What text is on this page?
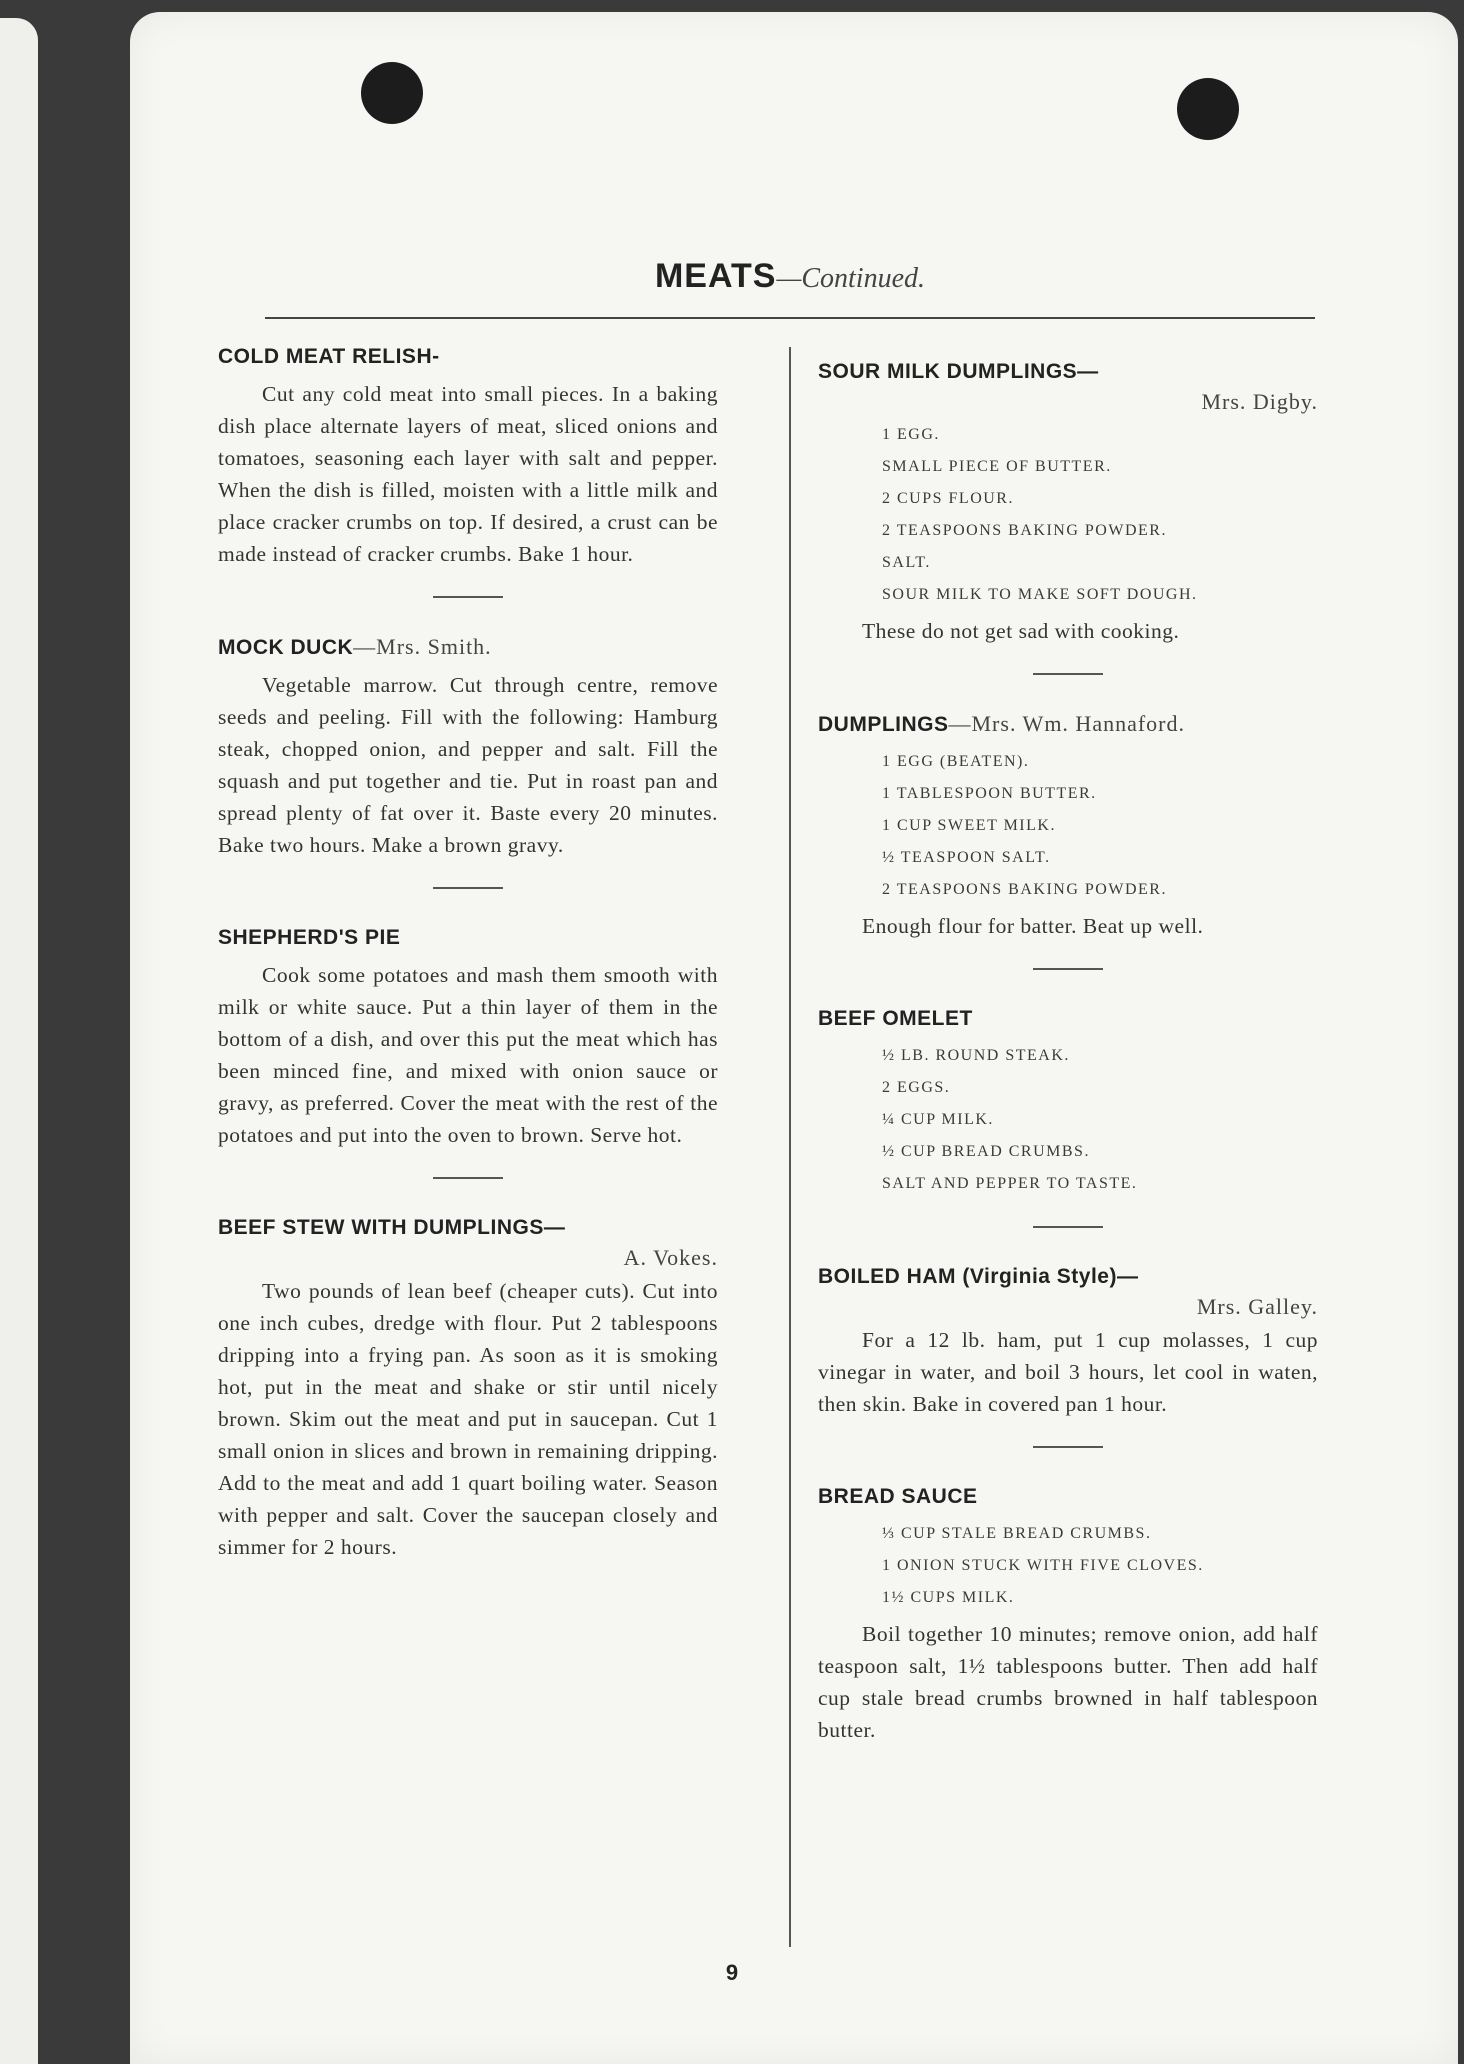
MEATS—Continued.
COLD MEAT RELISH-

Cut any cold meat into small pieces. In a baking dish place alternate layers of meat, sliced onions and tomatoes, seasoning each layer with salt and pepper. When the dish is filled, moisten with a little milk and place cracker crumbs on top. If desired, a crust can be made instead of cracker crumbs. Bake 1 hour.

MOCK DUCK—Mrs. Smith.

Vegetable marrow. Cut through centre, remove seeds and peeling. Fill with the following: Hamburg steak, chopped onion, and pepper and salt. Fill the squash and put together and tie. Put in roast pan and spread plenty of fat over it. Baste every 20 minutes. Bake two hours. Make a brown gravy.

SHEPHERD'S PIE

Cook some potatoes and mash them smooth with milk or white sauce. Put a thin layer of them in the bottom of a dish, and over this put the meat which has been minced fine, and mixed with onion sauce or gravy, as preferred. Cover the meat with the rest of the potatoes and put into the oven to brown. Serve hot.

BEEF STEW WITH DUMPLINGS—
A. Vokes.

Two pounds of lean beef (cheaper cuts). Cut into one inch cubes, dredge with flour. Put 2 tablespoons dripping into a frying pan. As soon as it is smoking hot, put in the meat and shake or stir until nicely brown. Skim out the meat and put in saucepan. Cut 1 small onion in slices and brown in remaining dripping. Add to the meat and add 1 quart boiling water. Season with pepper and salt. Cover the saucepan closely and simmer for 2 hours.

SOUR MILK DUMPLINGS—
Mrs. Digby.
1 EGG.
SMALL PIECE OF BUTTER.
2 CUPS FLOUR.
2 TEASPOONS BAKING POWDER.
SALT.
SOUR MILK TO MAKE SOFT DOUGH.

These do not get sad with cooking.

DUMPLINGS—Mrs. Wm. Hannaford.
1 EGG (BEATEN).
1 TABLESPOON BUTTER.
1 CUP SWEET MILK.
½ TEASPOON SALT.
2 TEASPOONS BAKING POWDER.

Enough flour for batter. Beat up well.

BEEF OMELET
½ LB. ROUND STEAK.
2 EGGS.
¼ CUP MILK.
½ CUP BREAD CRUMBS.
SALT AND PEPPER TO TASTE.
BOILED HAM (Virginia Style)—
Mrs. Galley.

For a 12 lb. ham, put 1 cup molasses, 1 cup vinegar in water, and boil 3 hours, let cool in waten, then skin. Bake in covered pan 1 hour.

BREAD SAUCE
⅓ CUP STALE BREAD CRUMBS.
1 ONION STUCK WITH FIVE CLOVES.
1½ CUPS MILK.

Boil together 10 minutes; remove onion, add half teaspoon salt, 1½ tablespoons butter. Then add half cup stale bread crumbs browned in half tablespoon butter.

9
